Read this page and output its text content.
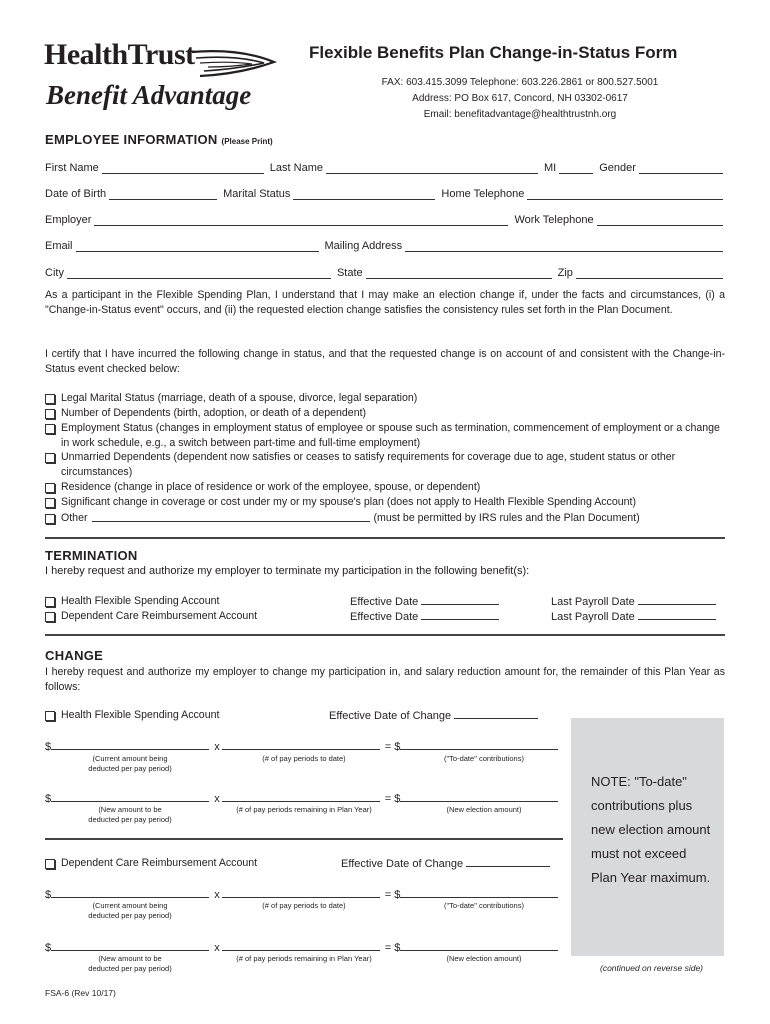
HealthTrust
Benefit Advantage
Flexible Benefits Plan Change-in-Status Form
FAX: 603.415.3099 Telephone: 603.226.2861 or 800.527.5001
Address: PO Box 617, Concord, NH 03302-0617
Email: benefitadvantage@healthtrustnh.org
EMPLOYEE INFORMATION (Please Print)
First Name	Last Name	MI	Gender
Date of Birth	Marital Status	Home Telephone
Employer	Work Telephone
Email	Mailing Address
City	State	Zip
As a participant in the Flexible Spending Plan, I understand that I may make an election change if, under the facts and circumstances, (i) a "Change-in-Status event" occurs, and (ii) the requested election change satisfies the consistency rules set forth in the Plan Document.
I certify that I have incurred the following change in status, and that the requested change is on account of and consistent with the Change-in-Status event checked below:
Legal Marital Status (marriage, death of a spouse, divorce, legal separation)
Number of Dependents (birth, adoption, or death of a dependent)
Employment Status (changes in employment status of employee or spouse such as termination, commencement of employment or a change in work schedule, e.g., a switch between part-time and full-time employment)
Unmarried Dependents (dependent now satisfies or ceases to satisfy requirements for coverage due to age, student status or other circumstances)
Residence (change in place of residence or work of the employee, spouse, or dependent)
Significant change in coverage or cost under my or my spouse's plan (does not apply to Health Flexible Spending Account)
Other	(must be permitted by IRS rules and the Plan Document)
TERMINATION
I hereby request and authorize my employer to terminate my participation in the following benefit(s):
Health Flexible Spending Account	Effective Date	Last Payroll Date
Dependent Care Reimbursement Account	Effective Date	Last Payroll Date
CHANGE
I hereby request and authorize my employer to change my participation in, and salary reduction amount for, the remainder of this Plan Year as follows:
Health Flexible Spending Account	Effective Date of Change
$	x	= $
(Current amount being
deducted per pay period)
(# of pay periods to date)	("To-date" contributions)
$	x	= $
(New amount to be
deducted per pay period)
(# of pay periods remaining in Plan Year)	(New election amount)
Dependent Care Reimbursement Account	Effective Date of Change
$	x	= $
(Current amount being
deducted per pay period)
(# of pay periods to date)	("To-date" contributions)
$	x	= $
(New amount to be
deducted per pay period)
(# of pay periods remaining in Plan Year)	(New election amount)
NOTE: "To-date"
contributions plus
new election amount
must not exceed
Plan Year maximum.
(continued on reverse side)
FSA-6 (Rev 10/17)
